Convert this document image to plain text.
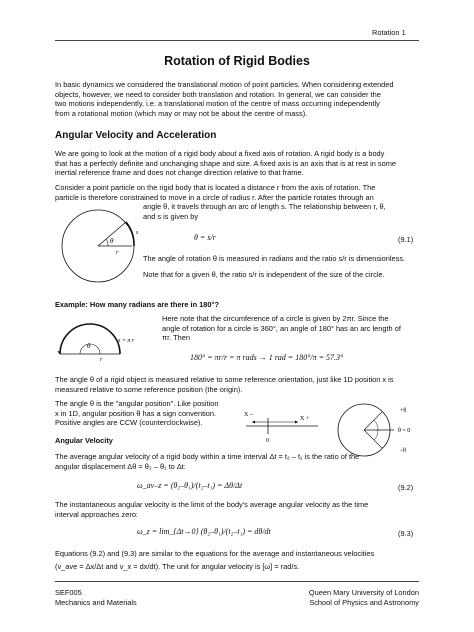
Rotation 1
Rotation of Rigid Bodies
In basic dynamics we considered the translational motion of point particles. When considering extended
objects, however, we need to consider both translation and rotation. In general, we can consider the
two motions independently, i.e. a translational motion of the centre of mass occurring independently
from a rotational motion (which may or may not be about the centre of mass).
Angular Velocity and Acceleration
We are going to look at the motion of a rigid body about a fixed axis of rotation. A rigid body is a body
that has a perfectly definite and unchanging shape and size. A fixed axis is an axis that is at rest in some
inertial reference frame and does not change direction relative to that frame.
Consider a point particle on the rigid body that is located a distance r from the axis of rotation. The
particle is therefore constrained to move in a circle of radius r. After the particle rotates through an
angle θ, it travels through an arc of length s. The relationship between r, θ,
and s is given by
θ
r
s	θ = s/r	(9.1)
The angle of rotation θ is measured in radians and the ratio s/r is dimensionless.
Note that for a given θ, the ratio s/r is independent of the size of the circle.
Example: How many radians are there in 180°?
θ
r
s = π r
Here note that the circumference of a circle is given by 2πr. Since the
angle of rotation for a circle is 360°, an angle of 180° has an arc length of
πr. Then
180° = πr/r = π rads → 1 rad = 180°/π = 57.3°
The angle θ of a rigid object is measured relative to some reference orientation, just like 1D position x is
measured relative to some reference position (the origin).
The angle θ is the "angular position". Like position
x in 1D, angular position θ has a sign convention.
Positive angles are CCW (counterclockwise).
X –
X +
0
+θ
θ = 0
–θ
Angular Velocity
The average angular velocity of a rigid body within a time interval Δt = t₂ – t₁ is the ratio of the
angular displacement Δθ = θ₂ – θ₁ to Δt:
ω_av–z = (θ₂–θ₁)/(t₂–t₁) = Δθ/Δt	(9.2)
The instantaneous angular velocity is the limit of the body's average angular velocity as the time
interval approaches zero:
ω_z = lim_{Δt→0} (θ₂–θ₁)/(t₂–t₁) = dθ/dt	(9.3)
Equations (9.2) and (9.3) are similar to the equations for the average and instantaneous velocities
(v_ave = Δx/Δt and v_x = dx/dt). The unit for angular velocity is [ω] = rad/s.
SEF005
Mechanics and Materials
Queen Mary University of London
School of Physics and Astronomy
